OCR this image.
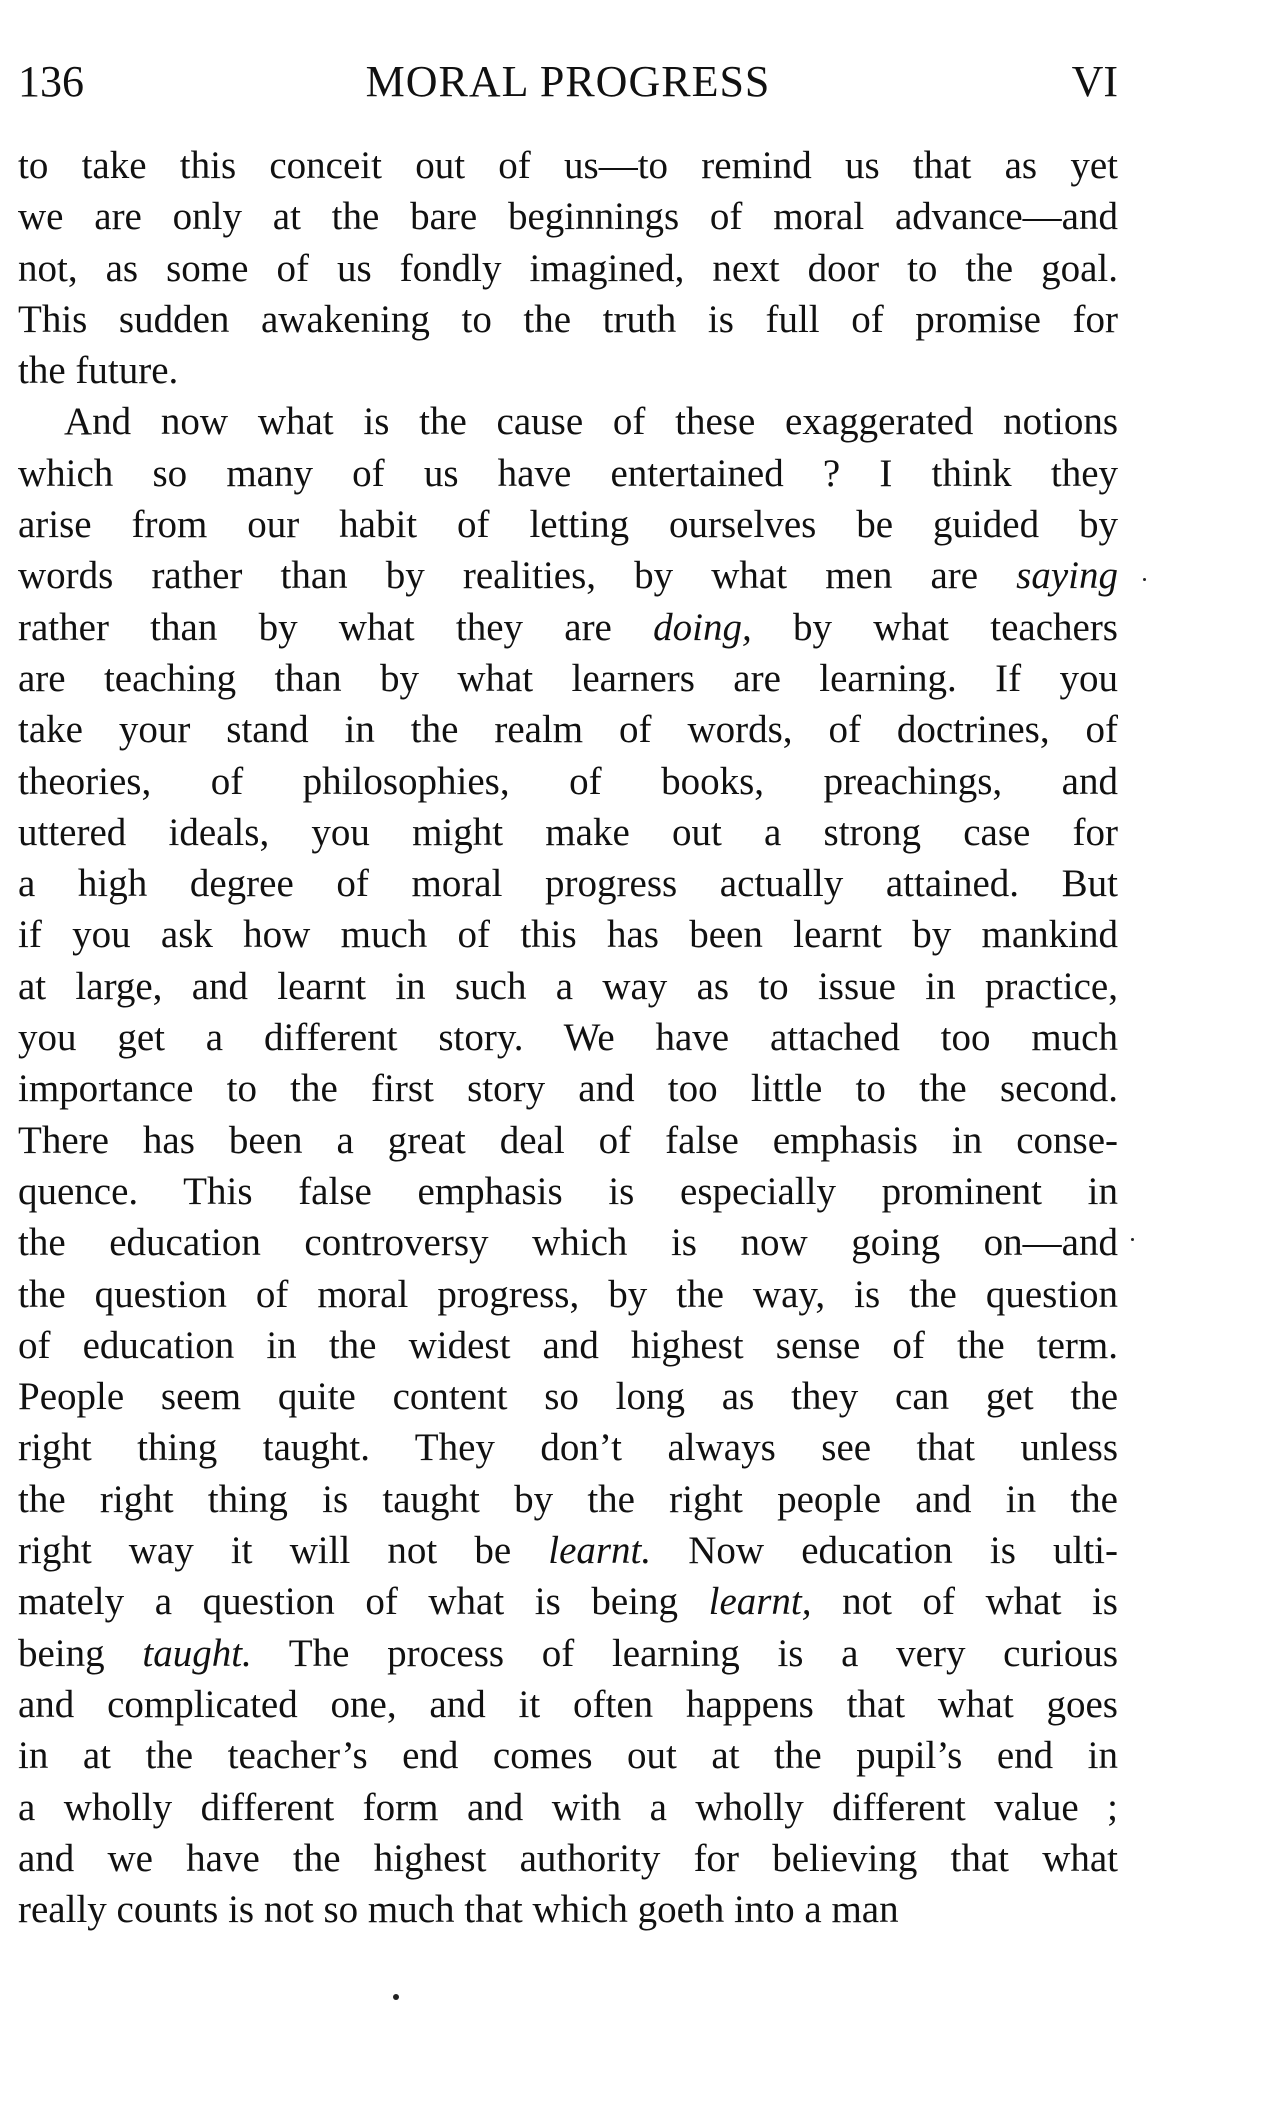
136	MORAL PROGRESS	VI
to take this conceit out of us—to remind us that as yet
we are only at the bare beginnings of moral advance—and
not, as some of us fondly imagined, next door to the goal.
This sudden awakening to the truth is full of promise for
the future.
And now what is the cause of these exaggerated notions
which so many of us have entertained ? I think they
arise from our habit of letting ourselves be guided by
words rather than by realities, by what men are saying
rather than by what they are doing, by what teachers
are teaching than by what learners are learning. If you
take your stand in the realm of words, of doctrines, of
theories, of philosophies, of books, preachings, and
uttered ideals, you might make out a strong case for
a high degree of moral progress actually attained. But
if you ask how much of this has been learnt by mankind
at large, and learnt in such a way as to issue in practice,
you get a different story. We have attached too much
importance to the first story and too little to the second.
There has been a great deal of false emphasis in conse-
quence. This false emphasis is especially prominent in
the education controversy which is now going on—and
the question of moral progress, by the way, is the question
of education in the widest and highest sense of the term.
People seem quite content so long as they can get the
right thing taught. They don’t always see that unless
the right thing is taught by the right people and in the
right way it will not be learnt. Now education is ulti-
mately a question of what is being learnt, not of what is
being taught. The process of learning is a very curious
and complicated one, and it often happens that what goes
in at the teacher’s end comes out at the pupil’s end in
a wholly different form and with a wholly different value ;
and we have the highest authority for believing that what
really counts is not so much that which goeth into a man
